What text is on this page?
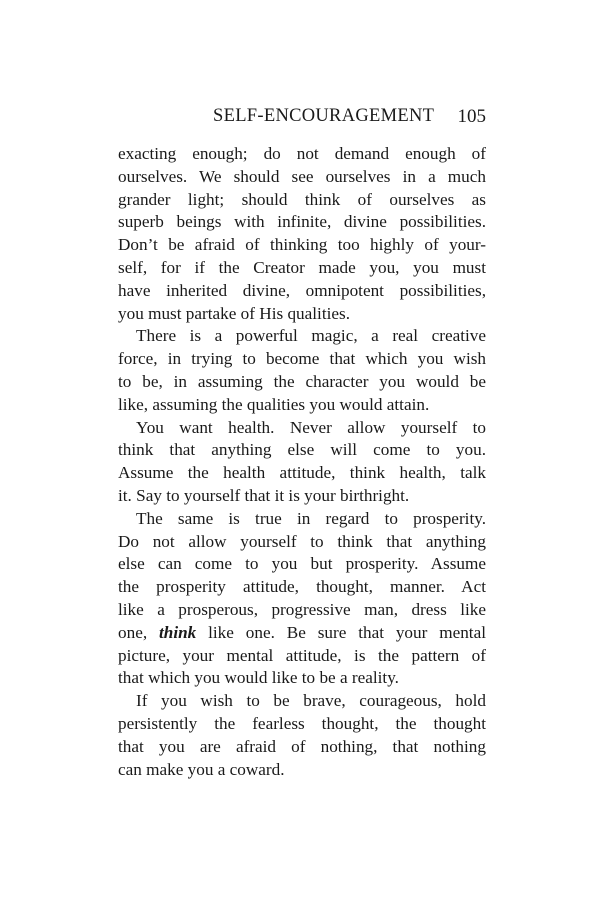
SELF-ENCOURAGEMENT 105
exacting enough; do not demand enough of
ourselves. We should see ourselves in a much
grander light; should think of ourselves as
superb beings with infinite, divine possibilities.
Don’t be afraid of thinking too highly of your-
self, for if the Creator made you, you must
have inherited divine, omnipotent possibilities,
you must partake of His qualities.
There is a powerful magic, a real creative
force, in trying to become that which you wish
to be, in assuming the character you would be
like, assuming the qualities you would attain.
You want health. Never allow yourself to
think that anything else will come to you.
Assume the health attitude, think health, talk
it. Say to yourself that it is your birthright.
The same is true in regard to prosperity.
Do not allow yourself to think that anything
else can come to you but prosperity. Assume
the prosperity attitude, thought, manner. Act
like a prosperous, progressive man, dress like
one, think like one. Be sure that your mental
picture, your mental attitude, is the pattern of
that which you would like to be a reality.
If you wish to be brave, courageous, hold
persistently the fearless thought, the thought
that you are afraid of nothing, that nothing
can make you a coward.
